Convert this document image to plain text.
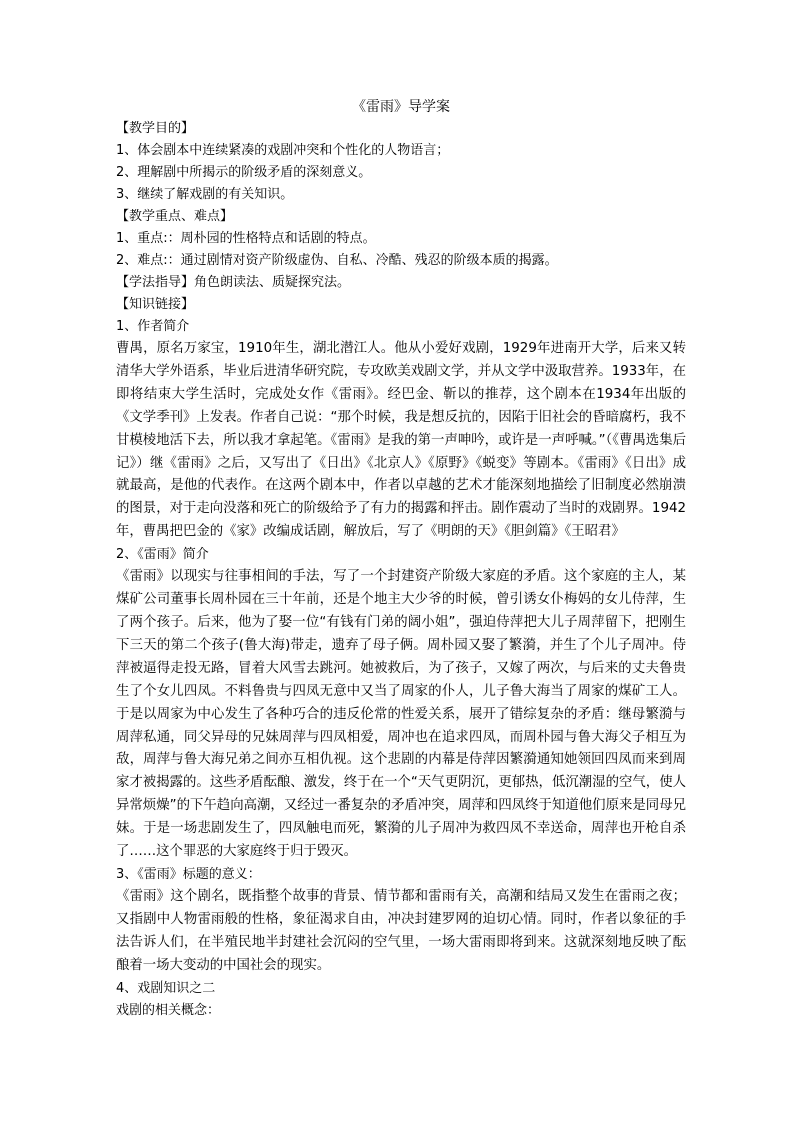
《雷雨》导学案
【教学目的】
1、体会剧本中连续紧凑的戏剧冲突和个性化的人物语言；
2、理解剧中所揭示的阶级矛盾的深刻意义。
3、继续了解戏剧的有关知识。
【教学重点、难点】
1、重点:：周朴园的性格特点和话剧的特点。
2、难点:：通过剧情对资产阶级虚伪、自私、冷酷、残忍的阶级本质的揭露。
【学法指导】角色朗读法、质疑探究法。
【知识链接】
1、作者简介

曹禺，原名万家宝，1910年生，湖北潜江人。他从小爱好戏剧，1929年进南开大学，后来又转清华大学外语系，毕业后进清华研究院，专攻欧美戏剧文学，并从文学中汲取营养。1933年，在即将结束大学生活时，完成处女作《雷雨》。经巴金、靳以的推荐，这个剧本在1934年出版的《文学季刊》上发表。作者自己说：“那个时候，我是想反抗的，因陷于旧社会的昏暗腐朽，我不甘模棱地活下去，所以我才拿起笔。《雷雨》是我的第一声呻吟，或许是一声呼喊。”（《曹禺选集后记》）继《雷雨》之后，又写出了《日出》《北京人》《原野》《蜕变》等剧本。《雷雨》《日出》成就最高，是他的代表作。在这两个剧本中，作者以卓越的艺术才能深刻地描绘了旧制度必然崩溃的图景，对于走向没落和死亡的阶级给予了有力的揭露和抨击。剧作震动了当时的戏剧界。1942年，曹禺把巴金的《家》改编成话剧，解放后，写了《明朗的天》《胆剑篇》《王昭君》

2、《雷雨》简介

《雷雨》以现实与往事相间的手法，写了一个封建资产阶级大家庭的矛盾。这个家庭的主人，某煤矿公司董事长周朴园在三十年前，还是个地主大少爷的时候，曾引诱女仆梅妈的女儿侍萍，生了两个孩子。后来，他为了娶一位“有钱有门弟的阔小姐”，强迫侍萍把大儿子周萍留下，把刚生下三天的第二个孩子(鲁大海)带走，遗弃了母子俩。周朴园又娶了繁漪，并生了个儿子周冲。侍萍被逼得走投无路，冒着大风雪去跳河。她被救后，为了孩子，又嫁了两次，与后来的丈夫鲁贵生了个女儿四凤。不料鲁贵与四凤无意中又当了周家的仆人，儿子鲁大海当了周家的煤矿工人。于是以周家为中心发生了各种巧合的违反伦常的性爱关系，展开了错综复杂的矛盾：继母繁漪与周萍私通，同父异母的兄妹周萍与四凤相爱，周冲也在追求四凤，而周朴园与鲁大海父子相互为敌，周萍与鲁大海兄弟之间亦互相仇视。这个悲剧的内幕是侍萍因繁漪通知她领回四凤而来到周家才被揭露的。这些矛盾酝酿、激发，终于在一个“天气更阴沉，更郁热，低沉潮湿的空气，使人异常烦燥”的下午趋向高潮，又经过一番复杂的矛盾冲突，周萍和四凤终于知道他们原来是同母兄妹。于是一场悲剧发生了，四凤触电而死，繁漪的儿子周冲为救四凤不幸送命，周萍也开枪自杀了……这个罪恶的大家庭终于归于毁灭。

3、《雷雨》标题的意义：

《雷雨》这个剧名，既指整个故事的背景、情节都和雷雨有关，高潮和结局又发生在雷雨之夜；又指剧中人物雷雨般的性格，象征渴求自由，冲决封建罗网的迫切心情。同时，作者以象征的手法告诉人们，在半殖民地半封建社会沉闷的空气里，一场大雷雨即将到来。这就深刻地反映了酝酿着一场大变动的中国社会的现实。

4、戏剧知识之二
戏剧的相关概念：
